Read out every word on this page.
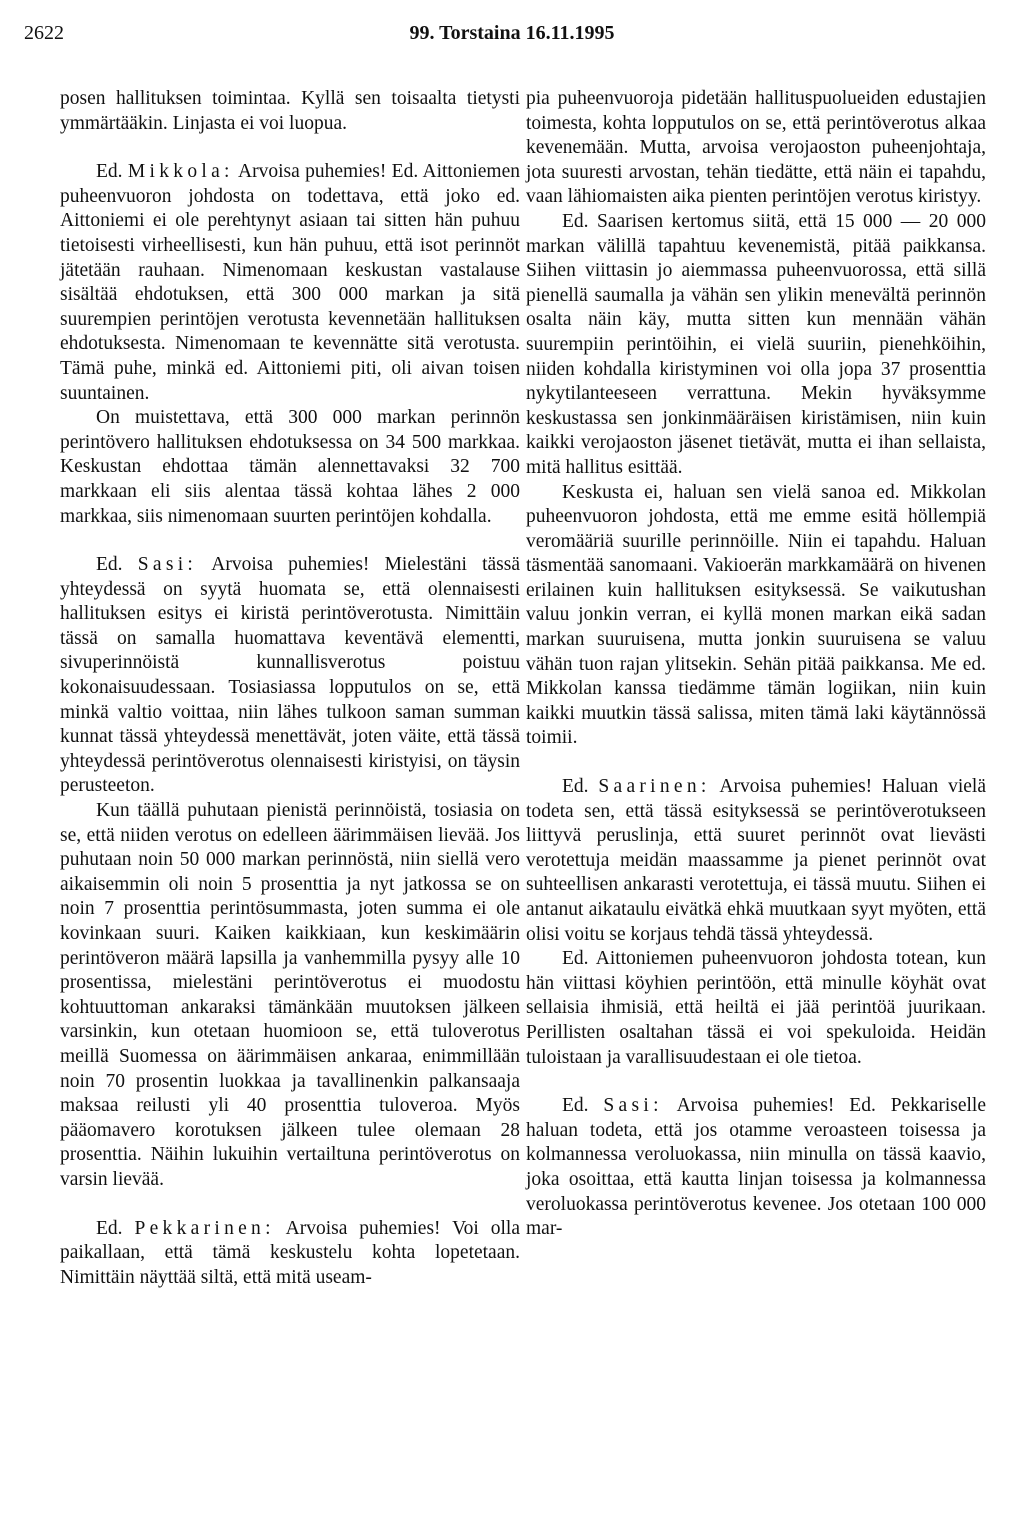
2622	99. Torstaina 16.11.1995

posen hallituksen toimintaa. Kyllä sen toisaalta tietysti ymmärtääkin. Linjasta ei voi luopua.

Ed. Mikkola: Arvoisa puhemies! Ed. Aittoniemen puheenvuoron johdosta on todettava, että joko ed. Aittoniemi ei ole perehtynyt asiaan tai sitten hän puhuu tietoisesti virheellisesti, kun hän puhuu, että isot perinnöt jätetään rauhaan. Nimenomaan keskustan vastalause sisältää ehdotuksen, että 300 000 markan ja sitä suurempien perintöjen verotusta kevennetään hallituksen ehdotuksesta. Nimenomaan te kevennätte sitä verotusta. Tämä puhe, minkä ed. Aittoniemi piti, oli aivan toisen suuntainen.

On muistettava, että 300 000 markan perinnön perintövero hallituksen ehdotuksessa on 34 500 markkaa. Keskustan ehdottaa tämän alennettavaksi 32 700 markkaan eli siis alentaa tässä kohtaa lähes 2 000 markkaa, siis nimenomaan suurten perintöjen kohdalla.

Ed. Sasi: Arvoisa puhemies! Mielestäni tässä yhteydessä on syytä huomata se, että olennaisesti hallituksen esitys ei kiristä perintöverotusta. Nimittäin tässä on samalla huomattava keventävä elementti, sivuperinnöistä kunnallisverotus poistuu kokonaisuudessaan. Tosiasiassa lopputulos on se, että minkä valtio voittaa, niin lähes tulkoon saman summan kunnat tässä yhteydessä menettävät, joten väite, että tässä yhteydessä perintöverotus olennaisesti kiristyisi, on täysin perusteeton.

Kun täällä puhutaan pienistä perinnöistä, tosiasia on se, että niiden verotus on edelleen äärimmäisen lievää. Jos puhutaan noin 50 000 markan perinnöstä, niin siellä vero aikaisemmin oli noin 5 prosenttia ja nyt jatkossa se on noin 7 prosenttia perintösummasta, joten summa ei ole kovinkaan suuri. Kaiken kaikkiaan, kun keskimäärin perintöveron määrä lapsilla ja vanhemmilla pysyy alle 10 prosentissa, mielestäni perintöverotus ei muodostu kohtuuttoman ankaraksi tämänkään muutoksen jälkeen varsinkin, kun otetaan huomioon se, että tuloverotus meillä Suomessa on äärimmäisen ankaraa, enimmillään noin 70 prosentin luokkaa ja tavallinenkin palkansaaja maksaa reilusti yli 40 prosenttia tuloveroa. Myös pääomavero korotuksen jälkeen tulee olemaan 28 prosenttia. Näihin lukuihin vertailtuna perintöverotus on varsin lievää.

Ed. Pekkarinen: Arvoisa puhemies! Voi olla paikallaan, että tämä keskustelu kohta lopetetaan. Nimittäin näyttää siltä, että mitä useam-

pia puheenvuoroja pidetään hallituspuolueiden edustajien toimesta, kohta lopputulos on se, että perintöverotus alkaa kevenemään. Mutta, arvoisa verojaoston puheenjohtaja, jota suuresti arvostan, tehän tiedätte, että näin ei tapahdu, vaan lähiomaisten aika pienten perintöjen verotus kiristyy.

Ed. Saarisen kertomus siitä, että 15 000 — 20 000 markan välillä tapahtuu kevenemistä, pitää paikkansa. Siihen viittasin jo aiemmassa puheenvuorossa, että sillä pienellä saumalla ja vähän sen ylikin menevältä perinnön osalta näin käy, mutta sitten kun mennään vähän suurempiin perintöihin, ei vielä suuriin, pienehköihin, niiden kohdalla kiristyminen voi olla jopa 37 prosenttia nykytilanteeseen verrattuna. Mekin hyväksymme keskustassa sen jonkinmääräisen kiristämisen, niin kuin kaikki verojaoston jäsenet tietävät, mutta ei ihan sellaista, mitä hallitus esittää.

Keskusta ei, haluan sen vielä sanoa ed. Mikkolan puheenvuoron johdosta, että me emme esitä höllempiä veromääriä suurille perinnöille. Niin ei tapahdu. Haluan täsmentää sanomaani. Vakioerän markkamäärä on hivenen erilainen kuin hallituksen esityksessä. Se vaikutushan valuu jonkin verran, ei kyllä monen markan eikä sadan markan suuruisena, mutta jonkin suuruisena se valuu vähän tuon rajan ylitsekin. Sehän pitää paikkansa. Me ed. Mikkolan kanssa tiedämme tämän logiikan, niin kuin kaikki muutkin tässä salissa, miten tämä laki käytännössä toimii.

Ed. Saarinen: Arvoisa puhemies! Haluan vielä todeta sen, että tässä esityksessä se perintöverotukseen liittyvä peruslinja, että suuret perinnöt ovat lievästi verotettuja meidän maassamme ja pienet perinnöt ovat suhteellisen ankarasti verotettuja, ei tässä muutu. Siihen ei antanut aikataulu eivätkä ehkä muutkaan syyt myöten, että olisi voitu se korjaus tehdä tässä yhteydessä.

Ed. Aittoniemen puheenvuoron johdosta totean, kun hän viittasi köyhien perintöön, että minulle köyhät ovat sellaisia ihmisiä, että heiltä ei jää perintöä juurikaan. Perillisten osaltahan tässä ei voi spekuloida. Heidän tuloistaan ja varallisuudestaan ei ole tietoa.

Ed. Sasi: Arvoisa puhemies! Ed. Pekkariselle haluan todeta, että jos otamme veroasteen toisessa ja kolmannessa veroluokassa, niin minulla on tässä kaavio, joka osoittaa, että kautta linjan toisessa ja kolmannessa veroluokassa perintöverotus kevenee. Jos otetaan 100 000 mar-
